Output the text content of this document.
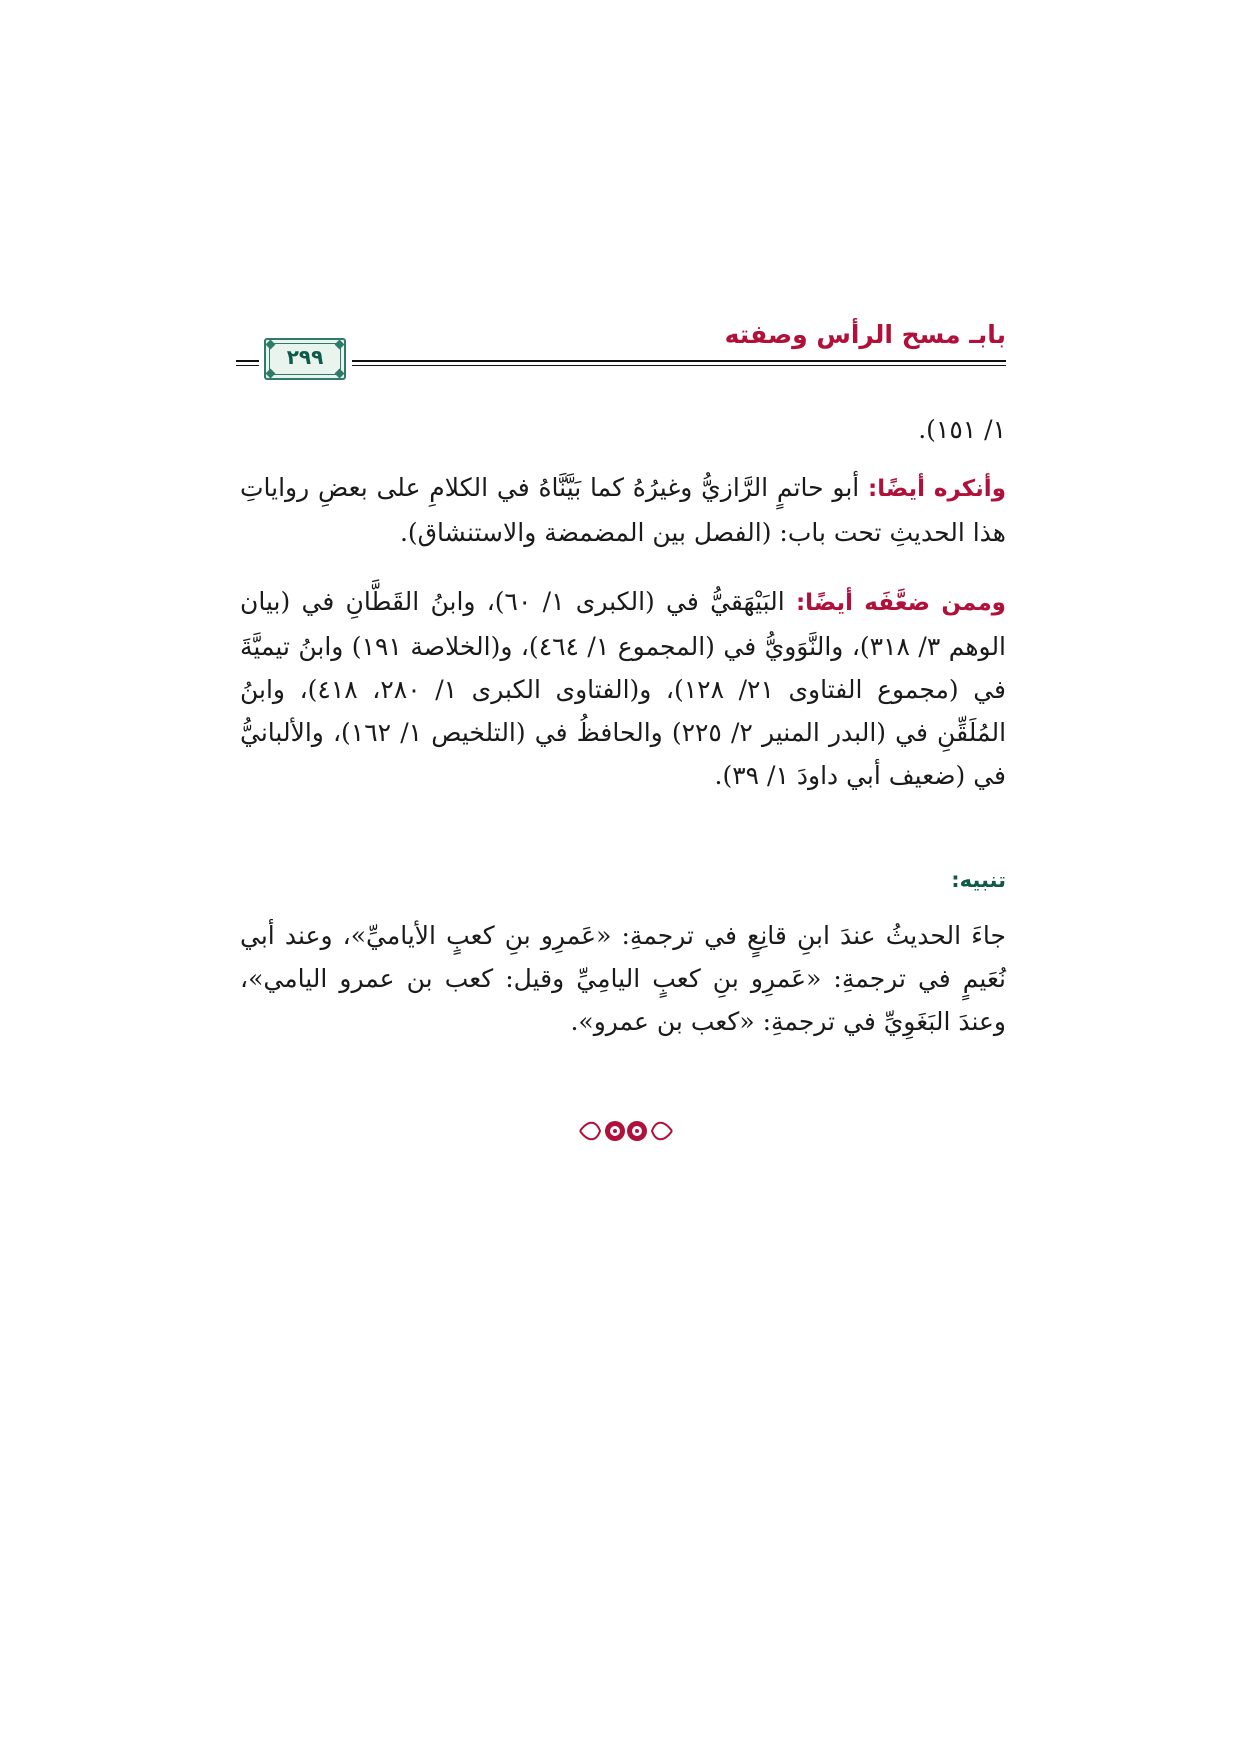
بابـ مسح الرأس وصفته
٢٩٩

١/ ١٥١).

وأنكره أيضًا: أبو حاتمٍ الرَّازيُّ وغيرُهُ كما بَيَّنَّاهُ في الكلامِ على بعضِ رواياتِ هذا الحديثِ تحت باب: (الفصل بين المضمضة والاستنشاق).

وممن ضعَّفَه أيضًا: البَيْهَقيُّ في (الكبرى ١/ ٦٠)، وابنُ القَطَّانِ في (بيان الوهم ٣/ ٣١٨)، والنَّوَويُّ في (المجموع ١/ ٤٦٤)، و(الخلاصة ١٩١) وابنُ تيميَّةَ في (مجموع الفتاوى ٢١/ ١٢٨)، و(الفتاوى الكبرى ١/ ٢٨٠، ٤١٨)، وابنُ المُلَقِّنِ في (البدر المنير ٢/ ٢٢٥) والحافظُ في (التلخيص ١/ ١٦٢)، والألبانيُّ في (ضعيف أبي داودَ ١/ ٣٩).

تنبيه:

جاءَ الحديثُ عندَ ابنِ قانِعٍ في ترجمةِ: «عَمرِو بنِ كعبٍ الأياميِّ»، وعند أبي نُعَيمٍ في ترجمةِ: «عَمرِو بنِ كعبٍ اليامِيِّ وقيل: كعب بن عمرو اليامي»، وعندَ البَغَوِيِّ في ترجمةِ: «كعب بن عمرو».
